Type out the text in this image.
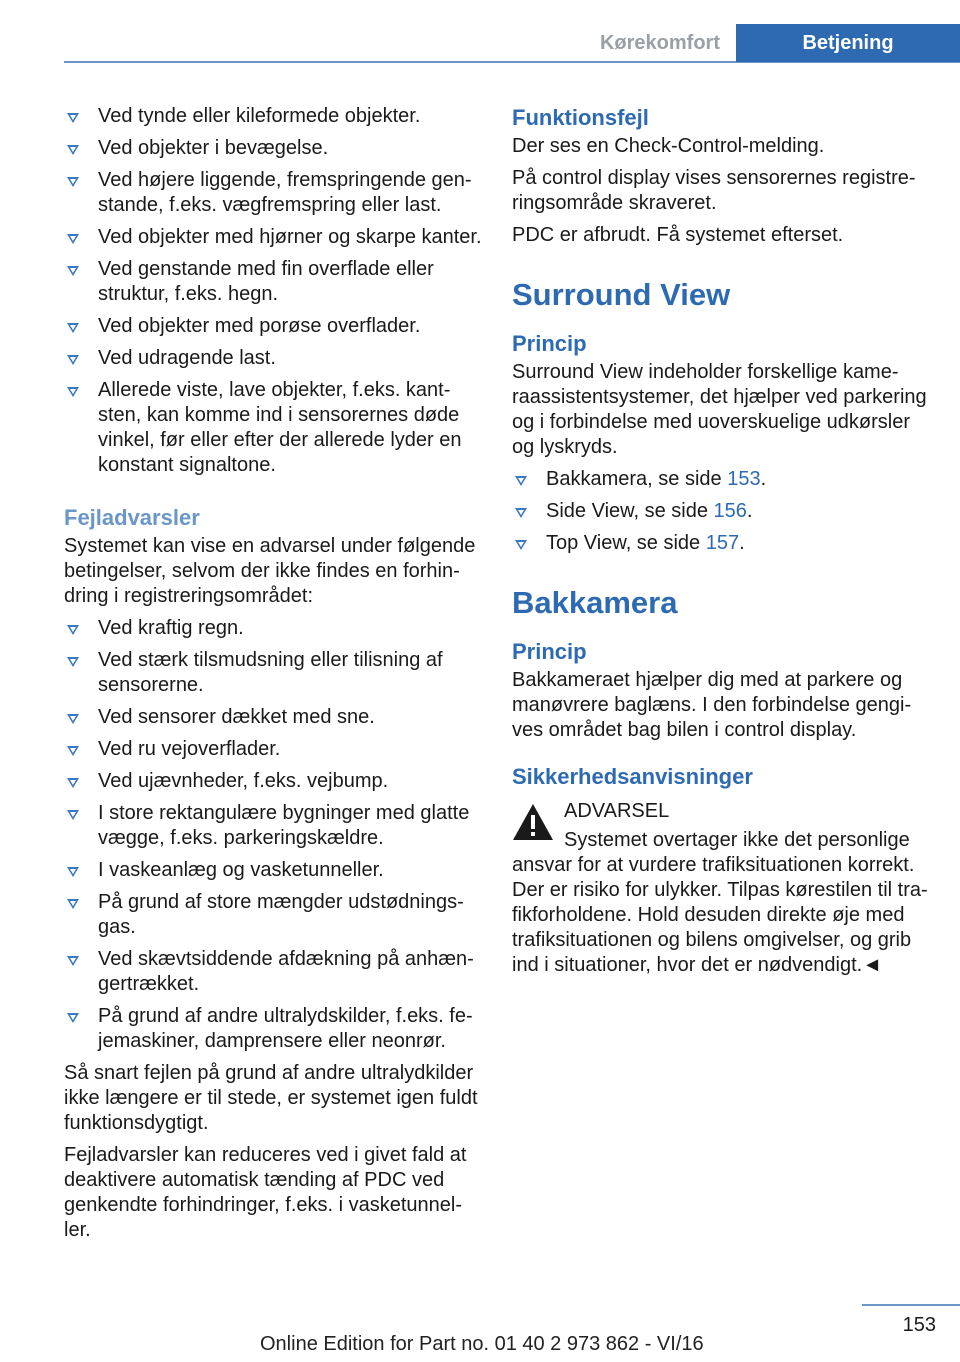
Kørekomfort	Betjening
Ved tynde eller kileformede objekter.
Ved objekter i bevægelse.
Ved højere liggende, fremspringende genstande, f.eks. vægfremspring eller last.
Ved objekter med hjørner og skarpe kanter.
Ved genstande med fin overflade eller struktur, f.eks. hegn.
Ved objekter med porøse overflader.
Ved udragende last.
Allerede viste, lave objekter, f.eks. kantsten, kan komme ind i sensorernes døde vinkel, før eller efter der allerede lyder en konstant signaltone.
Fejladvarsler

Systemet kan vise en advarsel under følgende betingelser, selvom der ikke findes en forhindring i registreringsområdet:

Ved kraftig regn.
Ved stærk tilsmudsning eller tilisning af sensorerne.
Ved sensorer dækket med sne.
Ved ru vejoverflader.
Ved ujævnheder, f.eks. vejbump.
I store rektangulære bygninger med glatte vægge, f.eks. parkeringskældre.
I vaskeanlæg og vasketunneller.
På grund af store mængder udstødningsgas.
Ved skævtsiddende afdækning på anhængertrækket.
På grund af andre ultralydskilder, f.eks. fejemaskiner, damprensere eller neonrør.

Så snart fejlen på grund af andre ultralydkilder ikke længere er til stede, er systemet igen fuldt funktionsdygtigt.

Fejladvarsler kan reduceres ved i givet fald at deaktivere automatisk tænding af PDC ved genkendte forhindringer, f.eks. i vasketunneller.

Funktionsfejl

Der ses en Check-Control-melding.

På control display vises sensorernes registreringsområde skraveret.

PDC er afbrudt. Få systemet efterset.

Surround View
Princip

Surround View indeholder forskellige kameraassistentsystemer, det hjælper ved parkering og i forbindelse med uoverskuelige udkørsler og lyskryds.

Bakkamera, se side 153.
Side View, se side 156.
Top View, se side 157.
Bakkamera
Princip

Bakkameraet hjælper dig med at parkere og manøvrere baglæns. I den forbindelse gengives området bag bilen i control display.

Sikkerhedsanvisninger

ADVARSEL

Systemet overtager ikke det personlige ansvar for at vurdere trafiksituationen korrekt. Der er risiko for ulykker. Tilpas kørestilen til trafikforholdene. Hold desuden direkte øje med trafiksituationen og bilens omgivelser, og grib ind i situationer, hvor det er nødvendigt.◄

153
Online Edition for Part no. 01 40 2 973 862 - VI/16
